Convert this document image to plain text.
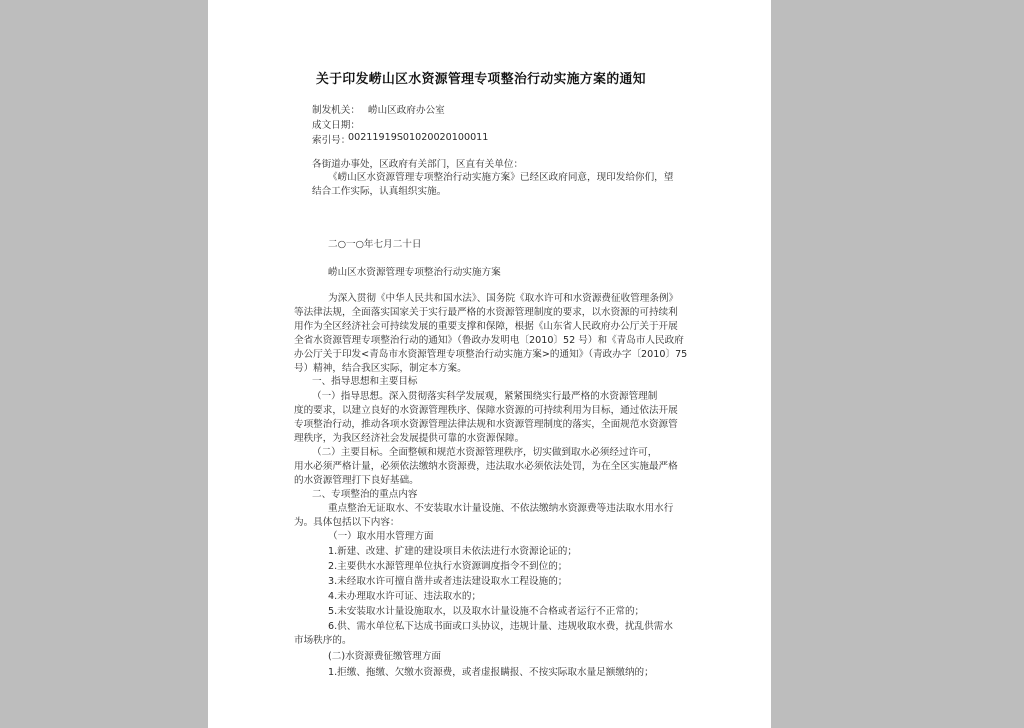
关于印发崂山区水资源管理专项整治行动实施方案的通知
制发机关： 崂山区政府办公室
成文日期：
索引号：
00211919S01020020100011
各街道办事处，区政府有关部门，区直有关单位：
《崂山区水资源管理专项整治行动实施方案》已经区政府同意，现印发给你们，望
结合工作实际，认真组织实施。
二○一○年七月二十日
崂山区水资源管理专项整治行动实施方案
为深入贯彻《中华人民共和国水法》、国务院《取水许可和水资源费征收管理条例》
等法律法规，全面落实国家关于实行最严格的水资源管理制度的要求，以水资源的可持续利
用作为全区经济社会可持续发展的重要支撑和保障，根据《山东省人民政府办公厅关于开展
全省水资源管理专项整治行动的通知》（鲁政办发明电〔2010〕52 号）和《青岛市人民政府
办公厅关于印发<青岛市水资源管理专项整治行动实施方案>的通知》（青政办字〔2010〕75
号）精神，结合我区实际，制定本方案。
一、指导思想和主要目标
（一）指导思想。深入贯彻落实科学发展观，紧紧围绕实行最严格的水资源管理制
度的要求，以建立良好的水资源管理秩序、保障水资源的可持续利用为目标，通过依法开展
专项整治行动，推动各项水资源管理法律法规和水资源管理制度的落实，全面规范水资源管
理秩序，为我区经济社会发展提供可靠的水资源保障。
（二）主要目标。全面整顿和规范水资源管理秩序，切实做到取水必须经过许可，
用水必须严格计量，必须依法缴纳水资源费，违法取水必须依法处罚，为在全区实施最严格
的水资源管理打下良好基础。
二、专项整治的重点内容
重点整治无证取水、不安装取水计量设施、不依法缴纳水资源费等违法取水用水行
为。具体包括以下内容：
（一）取水用水管理方面
1.新建、改建、扩建的建设项目未依法进行水资源论证的；
2.主要供水水源管理单位执行水资源调度指令不到位的；
3.未经取水许可擅自凿井或者违法建设取水工程设施的；
4.未办理取水许可证、违法取水的；
5.未安装取水计量设施取水，以及取水计量设施不合格或者运行不正常的；
6.供、需水单位私下达成书面或口头协议，违规计量、违规收取水费，扰乱供需水
市场秩序的。
(二)水资源费征缴管理方面
1.拒缴、拖缴、欠缴水资源费，或者虚报瞒报、不按实际取水量足额缴纳的；
